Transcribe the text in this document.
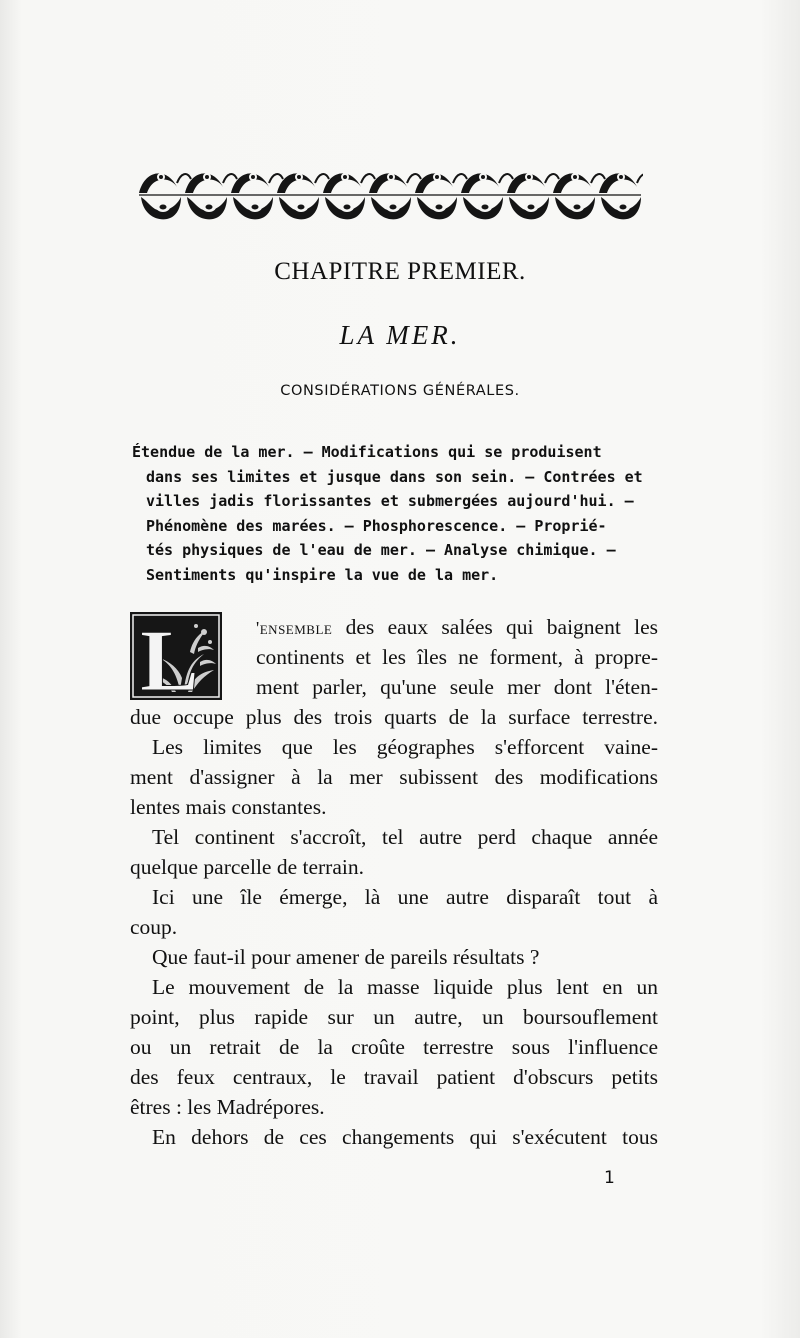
CHAPITRE PREMIER.
LA MER.
CONSIDÉRATIONS GÉNÉRALES.
Étendue de la mer. — Modifications qui se produisent
dans ses limites et jusque dans son sein. — Contrées et
villes jadis florissantes et submergées aujourd'hui. —
Phénomène des marées. — Phosphorescence. — Proprié-
tés physiques de l'eau de mer. — Analyse chimique. —
Sentiments qu'inspire la vue de la mer.
L	'ensemble des eaux salées qui baignent les
continents et les îles ne forment, à propre-
ment parler, qu'une seule mer dont l'éten-
due occupe plus des trois quarts de la surface terrestre.
Les limites que les géographes s'efforcent vaine-
ment d'assigner à la mer subissent des modifications
lentes mais constantes.
Tel continent s'accroît, tel autre perd chaque année
quelque parcelle de terrain.
Ici une île émerge, là une autre disparaît tout à
coup.
Que faut-il pour amener de pareils résultats ?
Le mouvement de la masse liquide plus lent en un
point, plus rapide sur un autre, un boursouflement
ou un retrait de la croûte terrestre sous l'influence
des feux centraux, le travail patient d'obscurs petits
êtres : les Madrépores.
En dehors de ces changements qui s'exécutent tous
1
